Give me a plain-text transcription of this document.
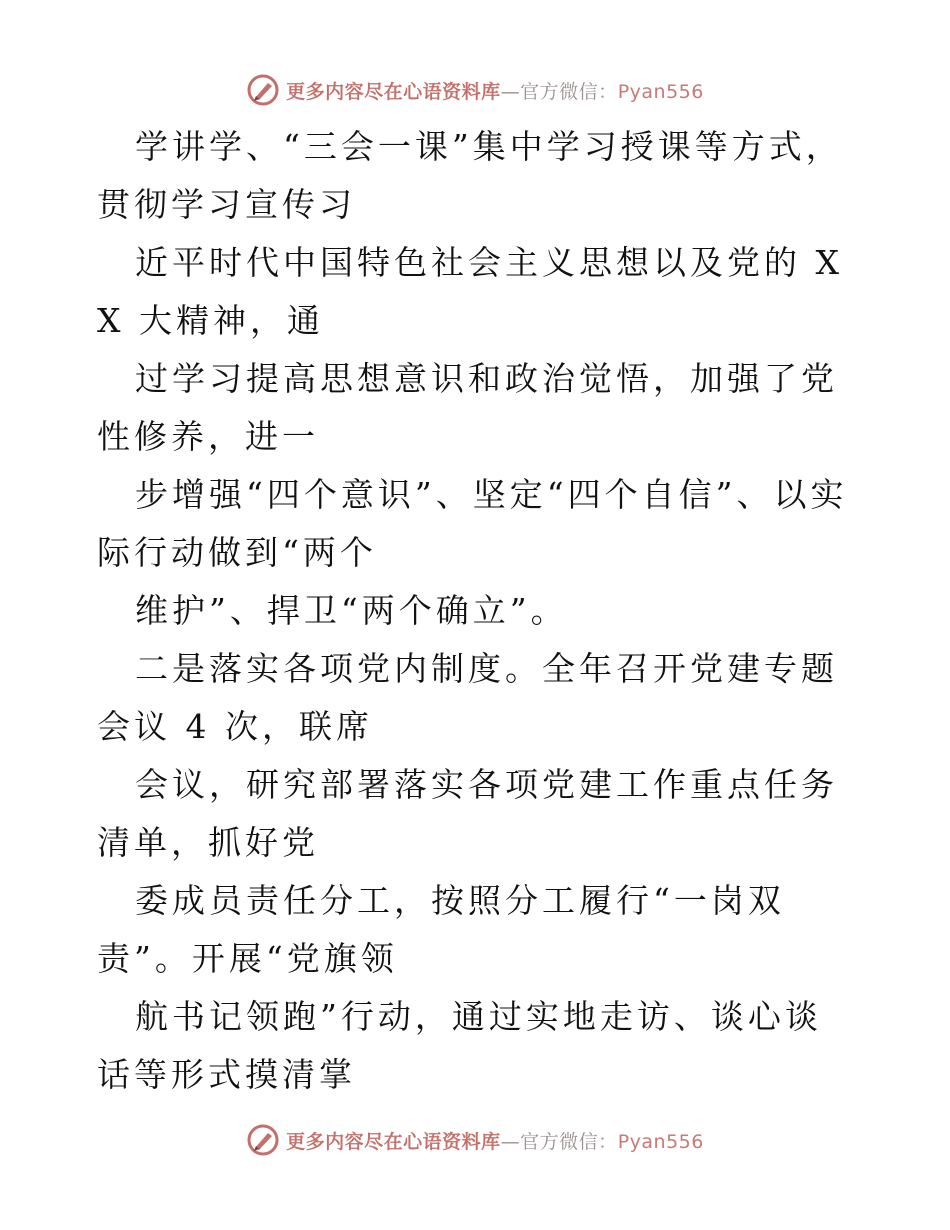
更多内容尽在心语资料库—官方微信：Pyan556

学讲学、“三会一课”集中学习授课等方式，贯彻学习宣传习

近平时代中国特色社会主义思想以及党的 XX 大精神，通

过学习提高思想意识和政治觉悟，加强了党性修养，进一

步增强“四个意识”、坚定“四个自信”、以实际行动做到“两个

维护”、捍卫“两个确立”。

二是落实各项党内制度。全年召开党建专题会议 4 次，联席

会议，研究部署落实各项党建工作重点任务清单，抓好党

委成员责任分工，按照分工履行“一岗双责”。开展“党旗领

航书记领跑”行动，通过实地走访、谈心谈话等形式摸清掌

更多内容尽在心语资料库—官方微信：Pyan556
